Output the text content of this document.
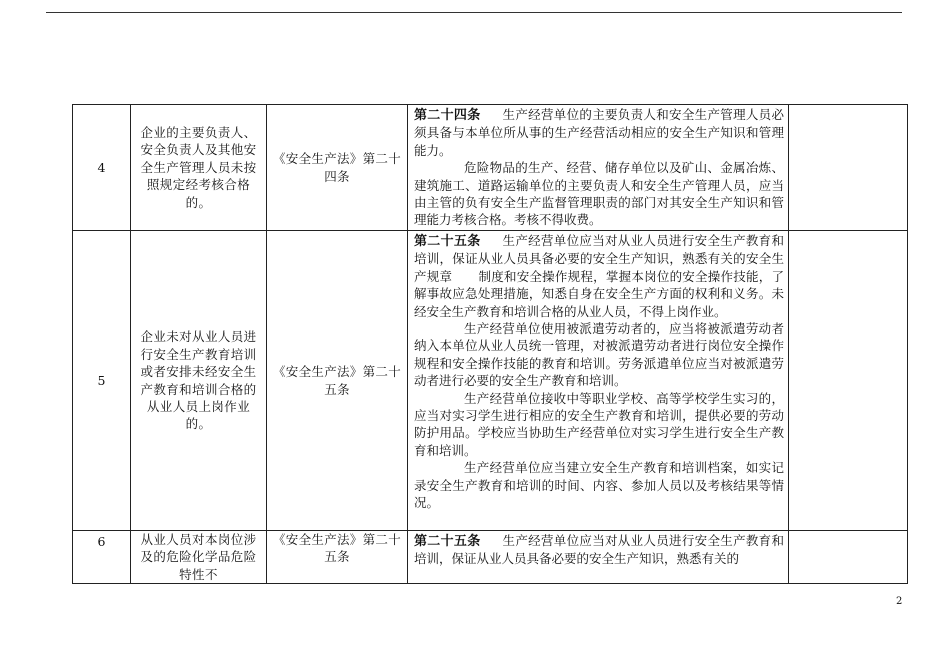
4	企业的主要负责人、安全负责人及其他安全生产管理人员未按照规定经考核合格的。	《安全生产法》第二十四条	第二十四条 生产经营单位的主要负责人和安全生产管理人员必须具备与本单位所从事的生产经营活动相应的安全生产知识和管理能力。

危险物品的生产、经营、储存单位以及矿山、金属冶炼、建筑施工、道路运输单位的主要负责人和安全生产管理人员，应当由主管的负有安全生产监督管理职责的部门对其安全生产知识和管理能力考核合格。考核不得收费。	

5	企业未对从业人员进行安全生产教育培训或者安排未经安全生产教育和培训合格的从业人员上岗作业的。	《安全生产法》第二十五条	第二十五条 生产经营单位应当对从业人员进行安全生产教育和培训，保证从业人员具备必要的安全生产知识，熟悉有关的安全生产规章 制度和安全操作规程，掌握本岗位的安全操作技能，了解事故应急处理措施，知悉自身在安全生产方面的权利和义务。未经安全生产教育和培训合格的从业人员，不得上岗作业。

生产经营单位使用被派遣劳动者的，应当将被派遣劳动者纳入本单位从业人员统一管理，对被派遣劳动者进行岗位安全操作规程和安全操作技能的教育和培训。劳务派遣单位应当对被派遣劳动者进行必要的安全生产教育和培训。

生产经营单位接收中等职业学校、高等学校学生实习的，应当对实习学生进行相应的安全生产教育和培训，提供必要的劳动防护用品。学校应当协助生产经营单位对实习学生进行安全生产教育和培训。

生产经营单位应当建立安全生产教育和培训档案，如实记录安全生产教育和培训的时间、内容、参加人员以及考核结果等情况。	

6	从业人员对本岗位涉及的危险化学品危险特性不	《安全生产法》第二十五条	第二十五条 生产经营单位应当对从业人员进行安全生产教育和培训，保证从业人员具备必要的安全生产知识，熟悉有关的	

2
